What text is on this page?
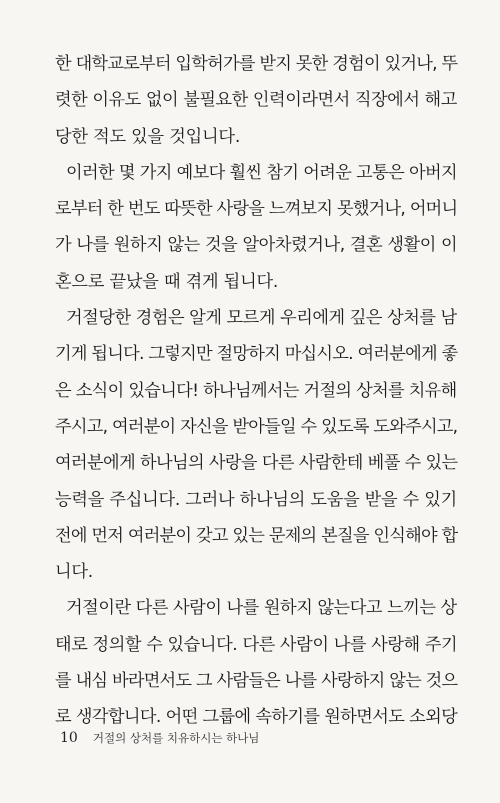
한 대학교로부터 입학허가를 받지 못한 경험이 있거나, 뚜
렷한 이유도 없이 불필요한 인력이라면서 직장에서 해고
당한 적도 있을 것입니다.
이러한 몇 가지 예보다 훨씬 참기 어려운 고통은 아버지
로부터 한 번도 따뜻한 사랑을 느껴보지 못했거나, 어머니
가 나를 원하지 않는 것을 알아차렸거나, 결혼 생활이 이
혼으로 끝났을 때 겪게 됩니다.
거절당한 경험은 알게 모르게 우리에게 깊은 상처를 남
기게 됩니다. 그렇지만 절망하지 마십시오. 여러분에게 좋
은 소식이 있습니다! 하나님께서는 거절의 상처를 치유해
주시고, 여러분이 자신을 받아들일 수 있도록 도와주시고,
여러분에게 하나님의 사랑을 다른 사람한테 베풀 수 있는
능력을 주십니다. 그러나 하나님의 도움을 받을 수 있기
전에 먼저 여러분이 갖고 있는 문제의 본질을 인식해야 합
니다.
거절이란 다른 사람이 나를 원하지 않는다고 느끼는 상
태로 정의할 수 있습니다. 다른 사람이 나를 사랑해 주기
를 내심 바라면서도 그 사람들은 나를 사랑하지 않는 것으
로 생각합니다. 어떤 그룹에 속하기를 원하면서도 소외당
10 거절의 상처를 치유하시는 하나님
